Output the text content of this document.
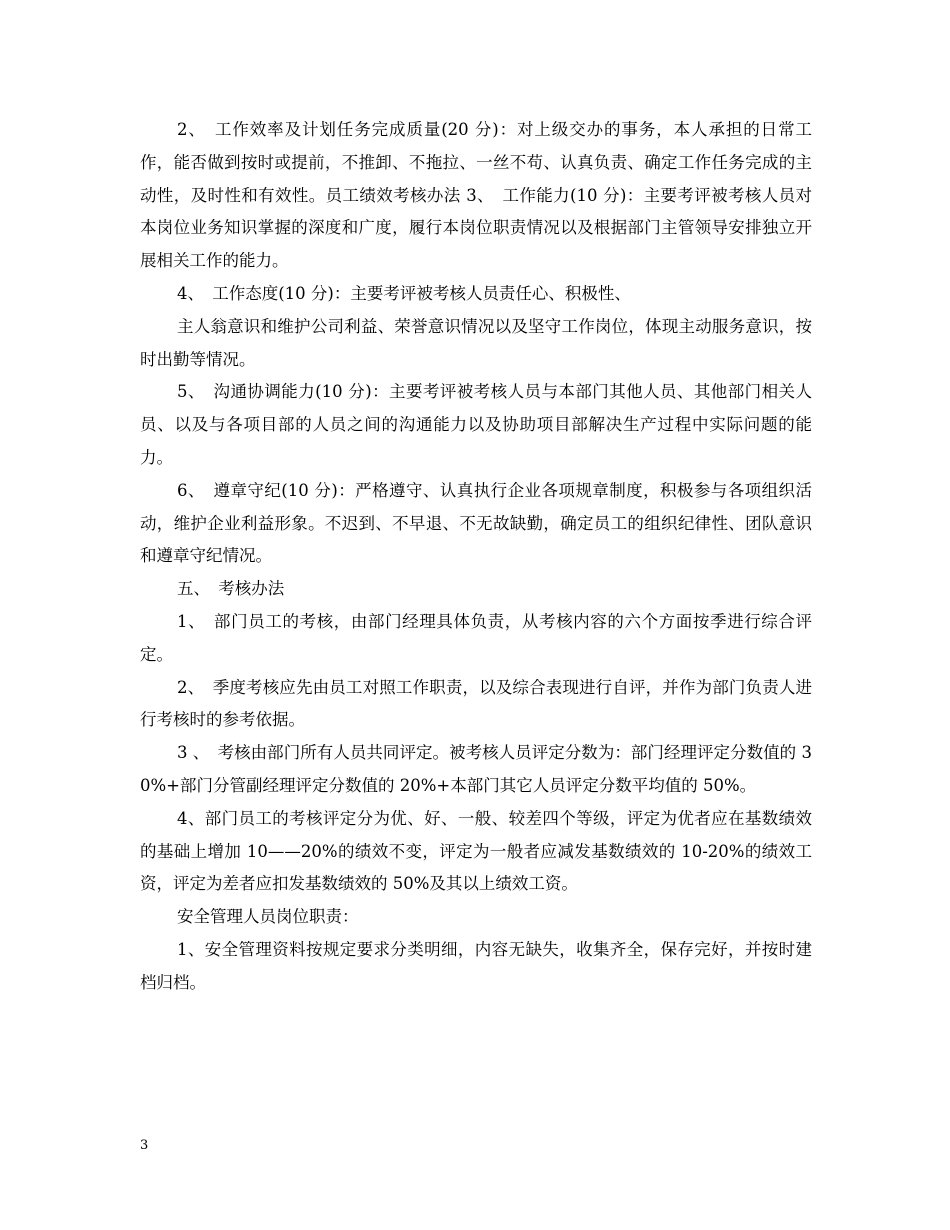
2、　工作效率及计划任务完成质量(20 分)：对上级交办的事务，本人承担的日常工作，能否做到按时或提前，不推卸、不拖拉、一丝不苟、认真负责、确定工作任务完成的主动性，及时性和有效性。员工绩效考核办法 3、　工作能力(10 分)：主要考评被考核人员对本岗位业务知识掌握的深度和广度，履行本岗位职责情况以及根据部门主管领导安排独立开展相关工作的能力。

4、　工作态度(10 分)：主要考评被考核人员责任心、积极性、

主人翁意识和维护公司利益、荣誉意识情况以及坚守工作岗位，体现主动服务意识，按时出勤等情况。

5、　沟通协调能力(10 分)：主要考评被考核人员与本部门其他人员、其他部门相关人员、以及与各项目部的人员之间的沟通能力以及协助项目部解决生产过程中实际问题的能力。

6、　遵章守纪(10 分)：严格遵守、认真执行企业各项规章制度，积极参与各项组织活动，维护企业利益形象。不迟到、不早退、不无故缺勤，确定员工的组织纪律性、团队意识和遵章守纪情况。

五、　考核办法

1、　部门员工的考核，由部门经理具体负责，从考核内容的六个方面按季进行综合评定。

2、　季度考核应先由员工对照工作职责，以及综合表现进行自评，并作为部门负责人进行考核时的参考依据。

3 、　考核由部门所有人员共同评定。被考核人员评定分数为：部门经理评定分数值的 30%+部门分管副经理评定分数值的 20%+本部门其它人员评定分数平均值的 50%。

4、部门员工的考核评定分为优、好、一般、较差四个等级，评定为优者应在基数绩效的基础上增加 10——20%的绩效不变，评定为一般者应减发基数绩效的 10-20%的绩效工资，评定为差者应扣发基数绩效的 50%及其以上绩效工资。

安全管理人员岗位职责：

1、安全管理资料按规定要求分类明细，内容无缺失，收集齐全，保存完好，并按时建档归档。

3
